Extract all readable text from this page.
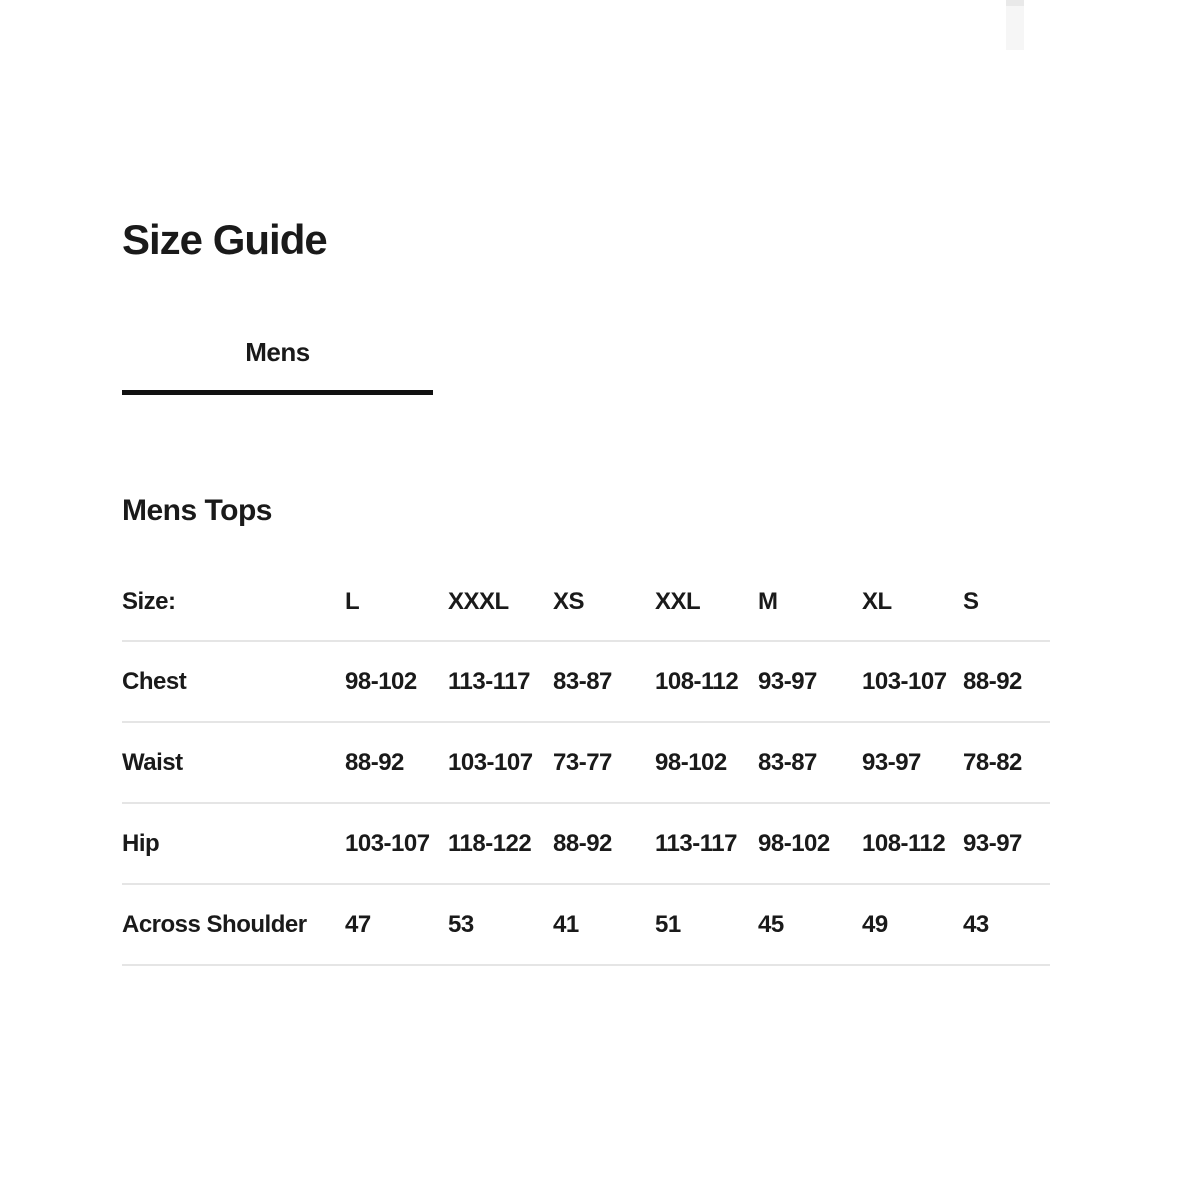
Size Guide
Mens
Mens Tops
Size:	L	XXXL	XS	XXL	M	XL	S
Chest	98-102	113-117	83-87	108-112	93-97	103-107	88-92
Waist	88-92	103-107	73-77	98-102	83-87	93-97	78-82
Hip	103-107	118-122	88-92	113-117	98-102	108-112	93-97
Across Shoulder	47	53	41	51	45	49	43
